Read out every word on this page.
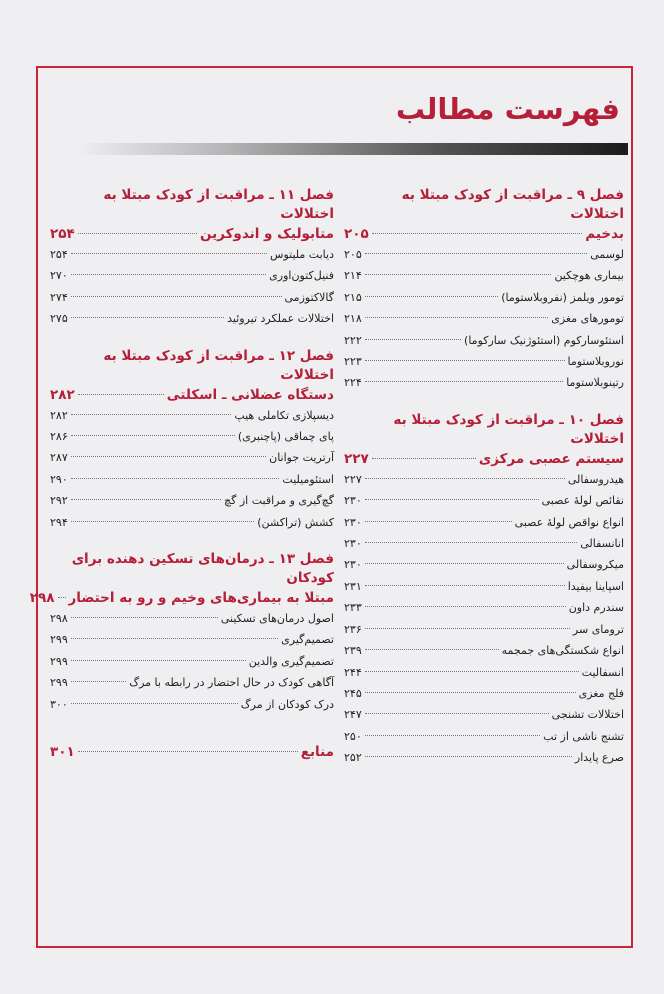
فهرست مطالب
فصل ۹ ـ مراقبت از کودک مبتلا به اختلالات
بدخیم
۲۰۵
لوسمی
۲۰۵
بیماری هوچکین
۲۱۴
تومور ویلمز (نفروبلاستوما)
۲۱۵
تومورهای مغزی
۲۱۸
استئوسارکوم (استئوژنیک سارکوما)
۲۲۲
نوروبلاستوما
۲۲۳
رتینوبلاستوما
۲۲۴
فصل ۱۰ ـ مراقبت از کودک مبتلا به اختلالات
سیستم عصبی مرکزی
۲۲۷
هیدروسفالی
۲۲۷
نقائص لولهٔ عصبی
۲۳۰
انواع نواقص لولهٔ عصبی
۲۳۰
انانسفالی
۲۳۰
میکروسفالی
۲۳۰
اسپاینا بیفیدا
۲۳۱
سندرم داون
۲۳۳
ترومای سر
۲۳۶
انواع شکستگی‌های جمجمه
۲۳۹
انسفالیت
۲۴۴
فلج مغزی
۲۴۵
اختلالات تشنجی
۲۴۷
تشنج ناشی از تب
۲۵۰
صرع پایدار
۲۵۲
فصل ۱۱ ـ مراقبت از کودک مبتلا به اختلالات
متابولیک و اندوکرین
۲۵۴
دیابت ملیتوس
۲۵۴
فنیل‌کتون‌اوری
۲۷۰
گالاکتوزمی
۲۷۴
اختلالات عملکرد تیروئید
۲۷۵
فصل ۱۲ ـ مراقبت از کودک مبتلا به اختلالات
دستگاه عضلانی ـ اسکلتی
۲۸۲
دیسپلازی تکاملی هیپ
۲۸۲
پای چماقی (پاچنبری)
۲۸۶
آرتریت جوانان
۲۸۷
استئومیلیت
۲۹۰
گچ‌گیری و مراقبت از گچ
۲۹۲
کشش (تراکشن)
۲۹۴
فصل ۱۳ ـ درمان‌های تسکین دهنده برای کودکان
مبتلا به بیماری‌های وخیم و رو به احتضار
۲۹۸
اصول درمان‌های تسکینی
۲۹۸
تصمیم‌گیری
۲۹۹
تصمیم‌گیری والدین
۲۹۹
آگاهی کودک در حال احتضار در رابطه با مرگ
۲۹۹
درک کودکان از مرگ
۳۰۰
منابع
۳۰۱
